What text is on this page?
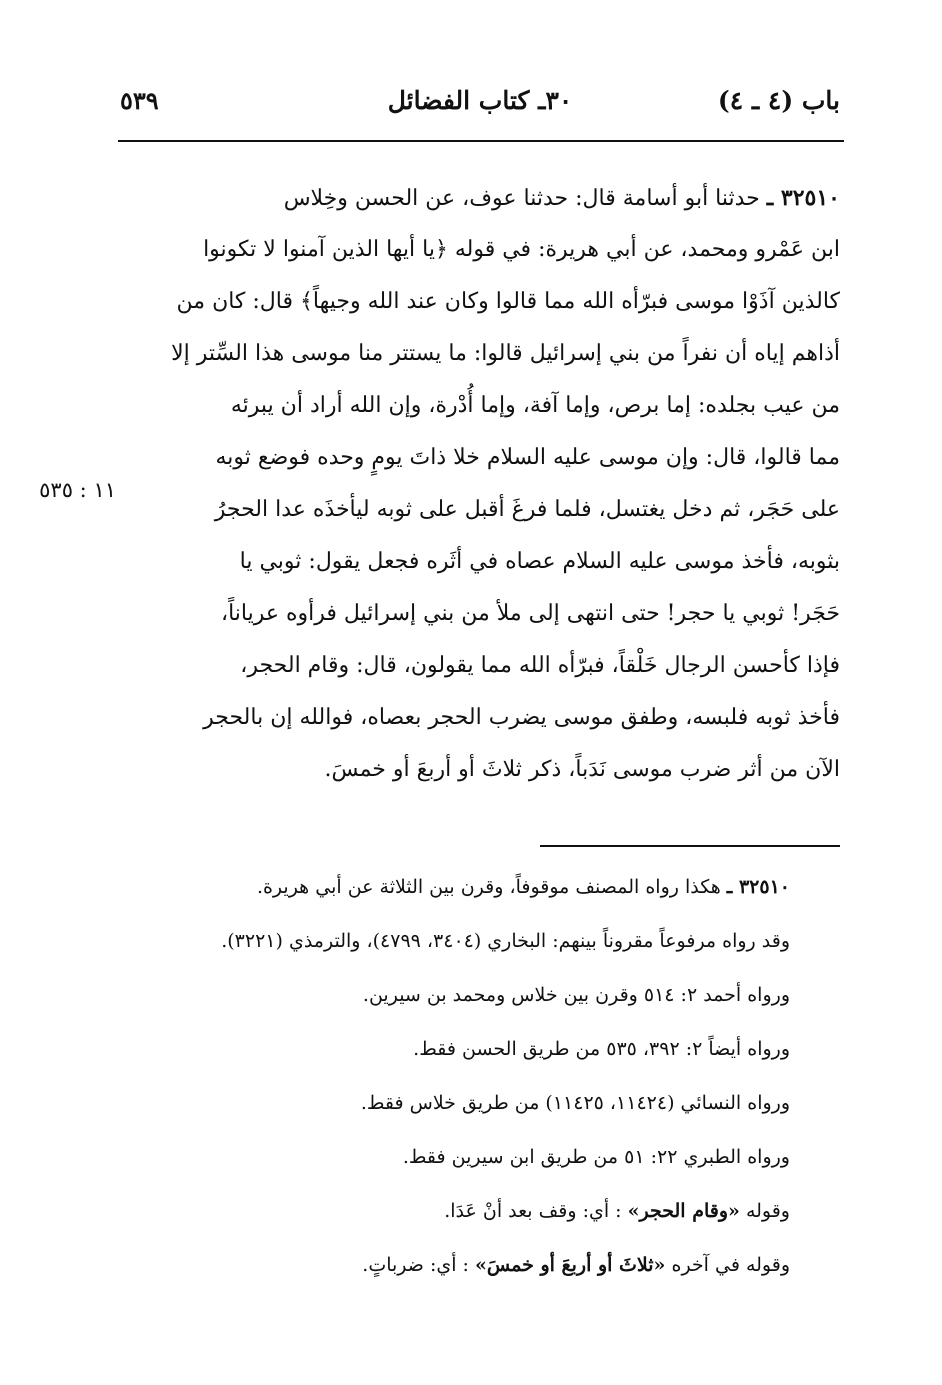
باب (٤ ـ ٤)
٣٠ـ كتاب الفضائل
٥٣٩
٣٢٥١٠ ـ حدثنا أبو أسامة قال: حدثنا عوف، عن الحسن وخِلاس
ابن عَمْرو ومحمد، عن أبي هريرة: في قوله ﴿يا أيها الذين آمنوا لا تكونوا
كالذين آذَوْا موسى فبرّأه الله مما قالوا وكان عند الله وجيهاً﴾ قال: كان من
أذاهم إياه أن نفراً من بني إسرائيل قالوا: ما يستتر منا موسى هذا السِّتر إلا
من عيب بجلده: إما برص، وإما آفة، وإما أُدْرة، وإن الله أراد أن يبرئه
مما قالوا، قال: وإن موسى عليه السلام خلا ذاتَ يومٍ وحده فوضع ثوبه
على حَجَر، ثم دخل يغتسل، فلما فرغَ أقبل على ثوبه ليأخذَه عدا الحجرُ
بثوبه، فأخذ موسى عليه السلام عصاه في أثَره فجعل يقول: ثوبي يا
حَجَر! ثوبي يا حجر! حتى انتهى إلى ملأ من بني إسرائيل فرأوه عرياناً،
فإذا كأحسن الرجال خَلْقاً، فبرّأه الله مما يقولون، قال: وقام الحجر،
فأخذ ثوبه فلبسه، وطفق موسى يضرب الحجر بعصاه، فوالله إن بالحجر
الآن من أثر ضرب موسى نَدَباً، ذكر ثلاثَ أو أربعَ أو خمسَ.
١١ : ٥٣٥
٣٢٥١٠ ـ هكذا رواه المصنف موقوفاً، وقرن بين الثلاثة عن أبي هريرة.
وقد رواه مرفوعاً مقروناً بينهم: البخاري (٣٤٠٤، ٤٧٩٩)، والترمذي (٣٢٢١).
ورواه أحمد ٢: ٥١٤ وقرن بين خلاس ومحمد بن سيرين.
ورواه أيضاً ٢: ٣٩٢، ٥٣٥ من طريق الحسن فقط.
ورواه النسائي (١١٤٢٤، ١١٤٢٥) من طريق خلاس فقط.
ورواه الطبري ٢٢: ٥١ من طريق ابن سيرين فقط.
وقوله «وقام الحجر» : أي: وقف بعد أنْ عَدَا.
وقوله في آخره «ثلاثَ أو أربعَ أو خمسَ» : أي: ضرباتٍ.
